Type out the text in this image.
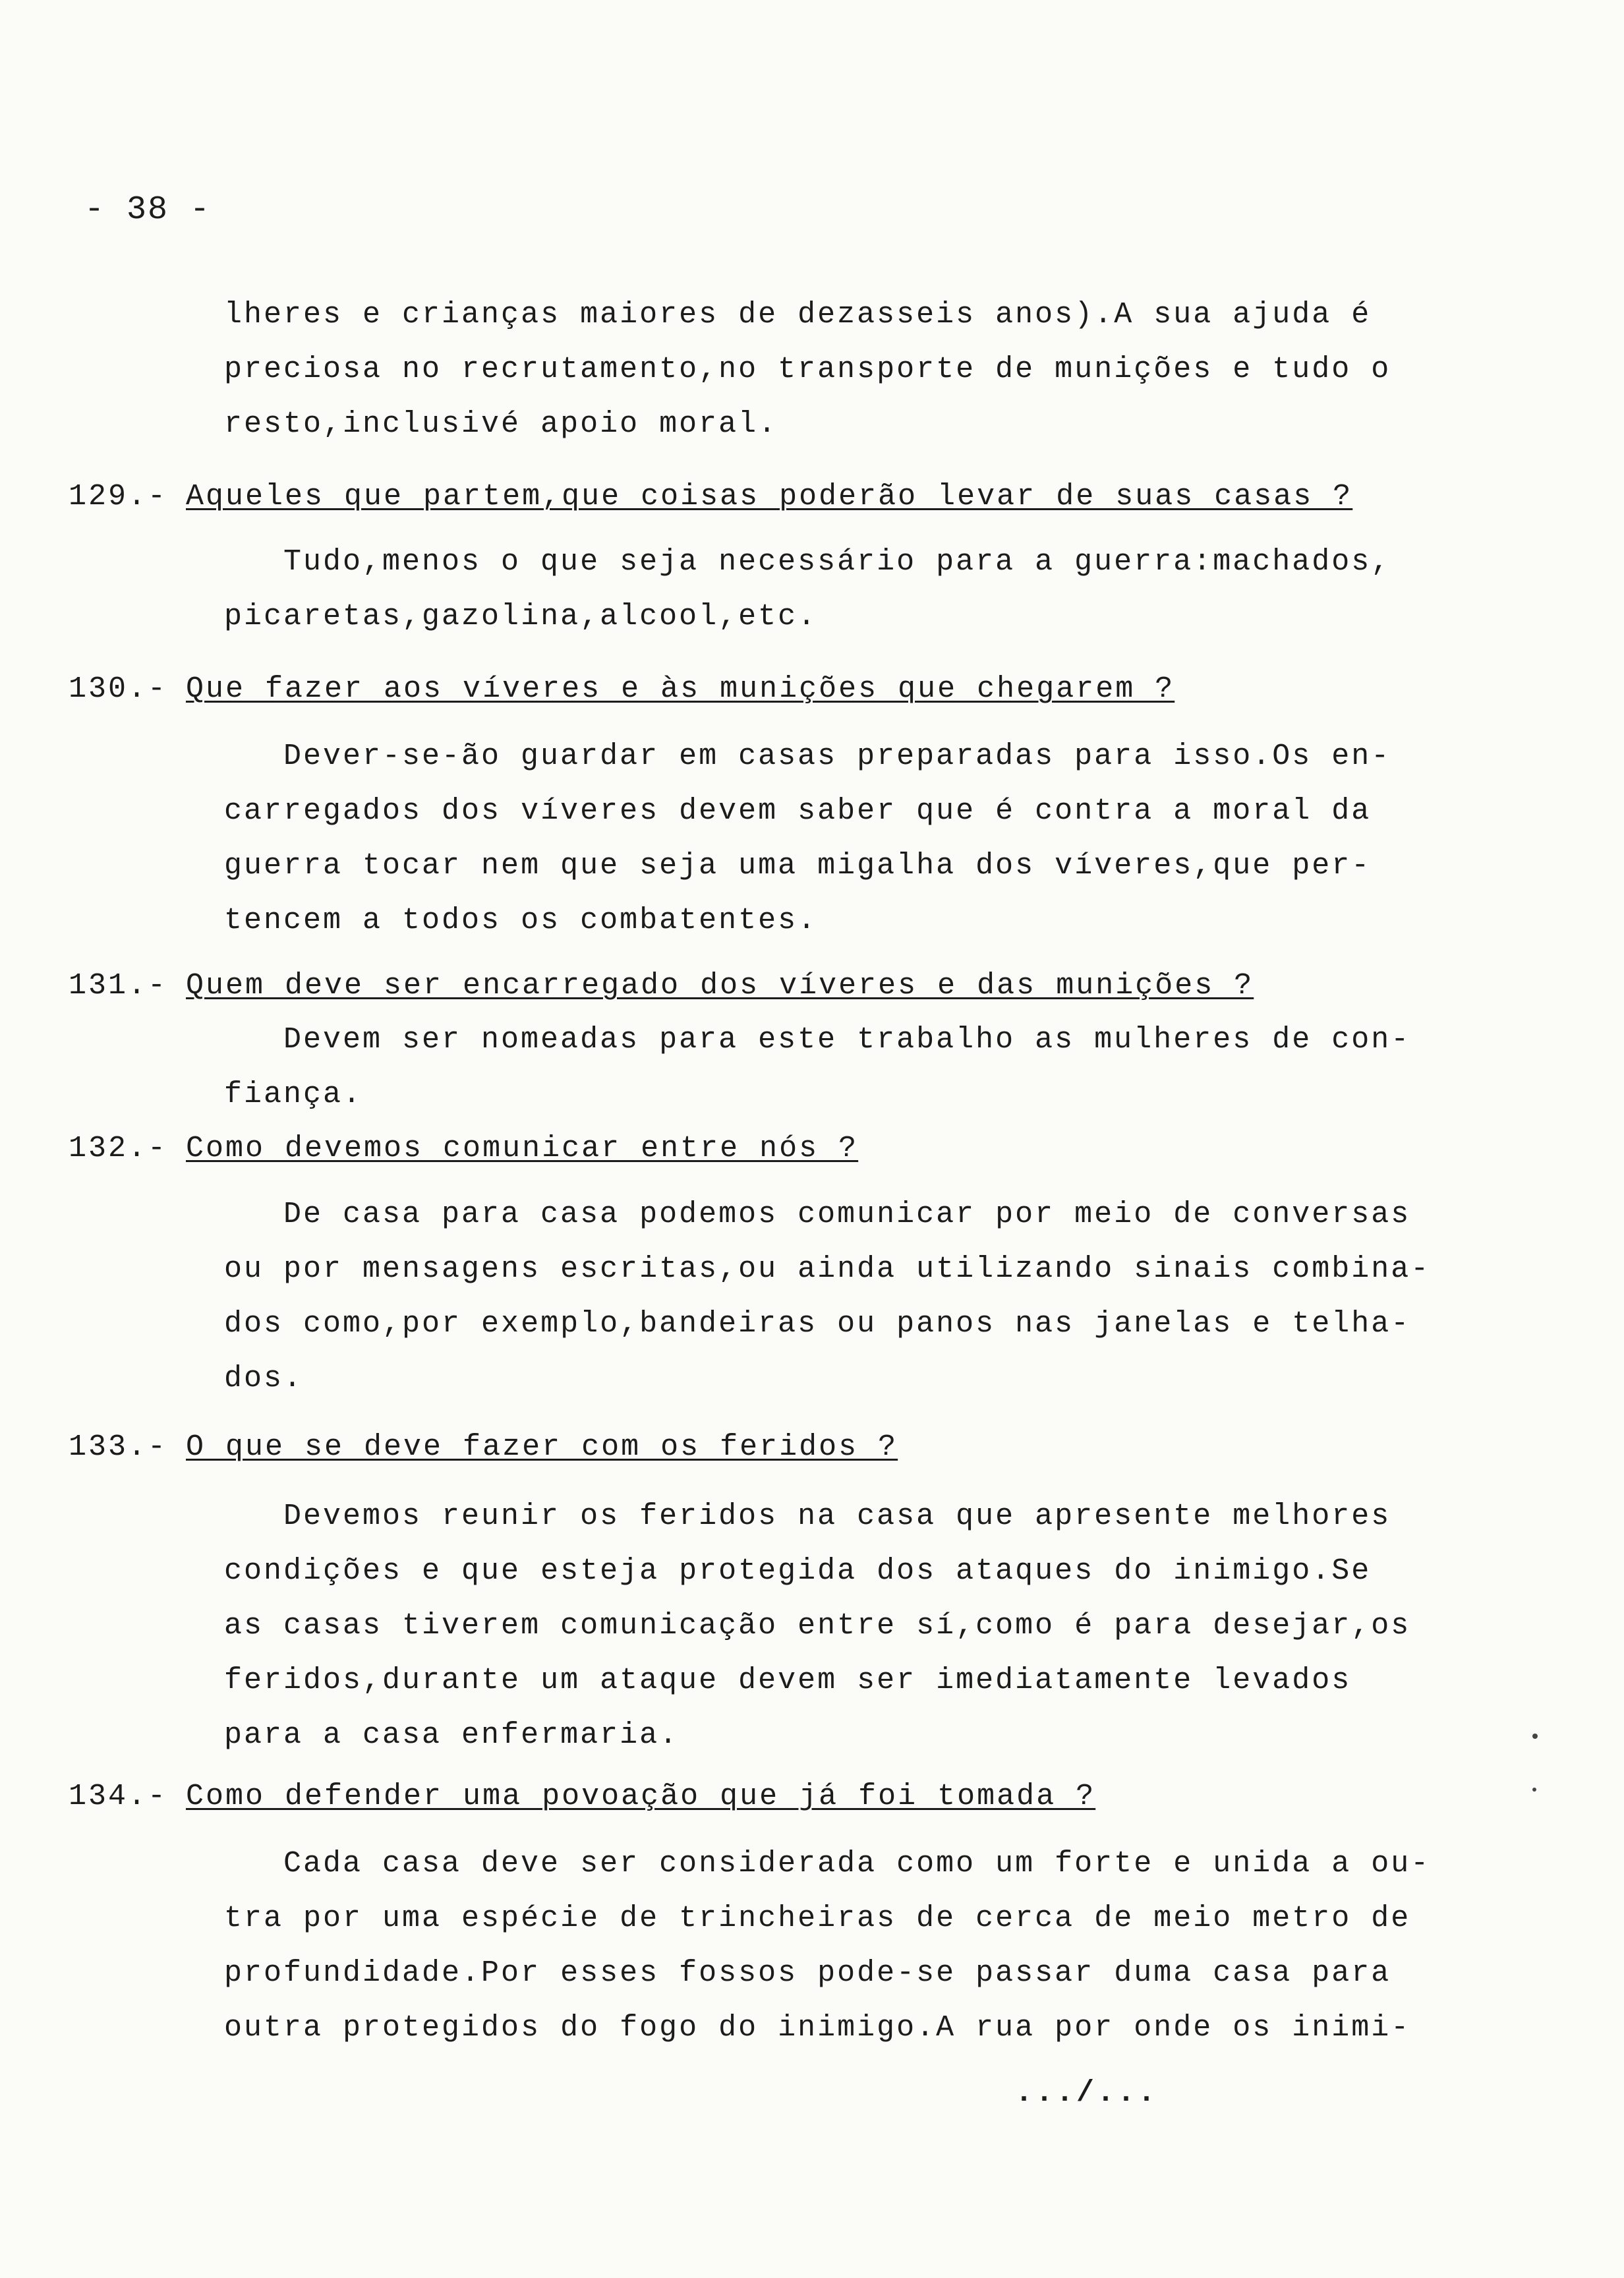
- 38 -
lheres e crianças maiores de dezasseis anos).A sua ajuda é
preciosa no recrutamento,no transporte de munições e tudo o
resto,inclusivé apoio moral.
129.- Aqueles que partem,que coisas poderão levar de suas casas ?
Tudo,menos o que seja necessário para a guerra:machados,
picaretas,gazolina,alcool,etc.
130.- Que fazer aos víveres e às munições que chegarem ?
Dever-se-ão guardar em casas preparadas para isso.Os en-
carregados dos víveres devem saber que é contra a moral da
guerra tocar nem que seja uma migalha dos víveres,que per-
tencem a todos os combatentes.
131.- Quem deve ser encarregado dos víveres e das munições ?
Devem ser nomeadas para este trabalho as mulheres de con-
fiança.
132.- Como devemos comunicar entre nós ?
De casa para casa podemos comunicar por meio de conversas
ou por mensagens escritas,ou ainda utilizando sinais combina-
dos como,por exemplo,bandeiras ou panos nas janelas e telha-
dos.
133.- O que se deve fazer com os feridos ?
Devemos reunir os feridos na casa que apresente melhores
condições e que esteja protegida dos ataques do inimigo.Se
as casas tiverem comunicação entre sí,como é para desejar,os
feridos,durante um ataque devem ser imediatamente levados
para a casa enfermaria.
134.- Como defender uma povoação que já foi tomada ?
Cada casa deve ser considerada como um forte e unida a ou-
tra por uma espécie de trincheiras de cerca de meio metro de
profundidade.Por esses fossos pode-se passar duma casa para
outra protegidos do fogo do inimigo.A rua por onde os inimi-
.../...
